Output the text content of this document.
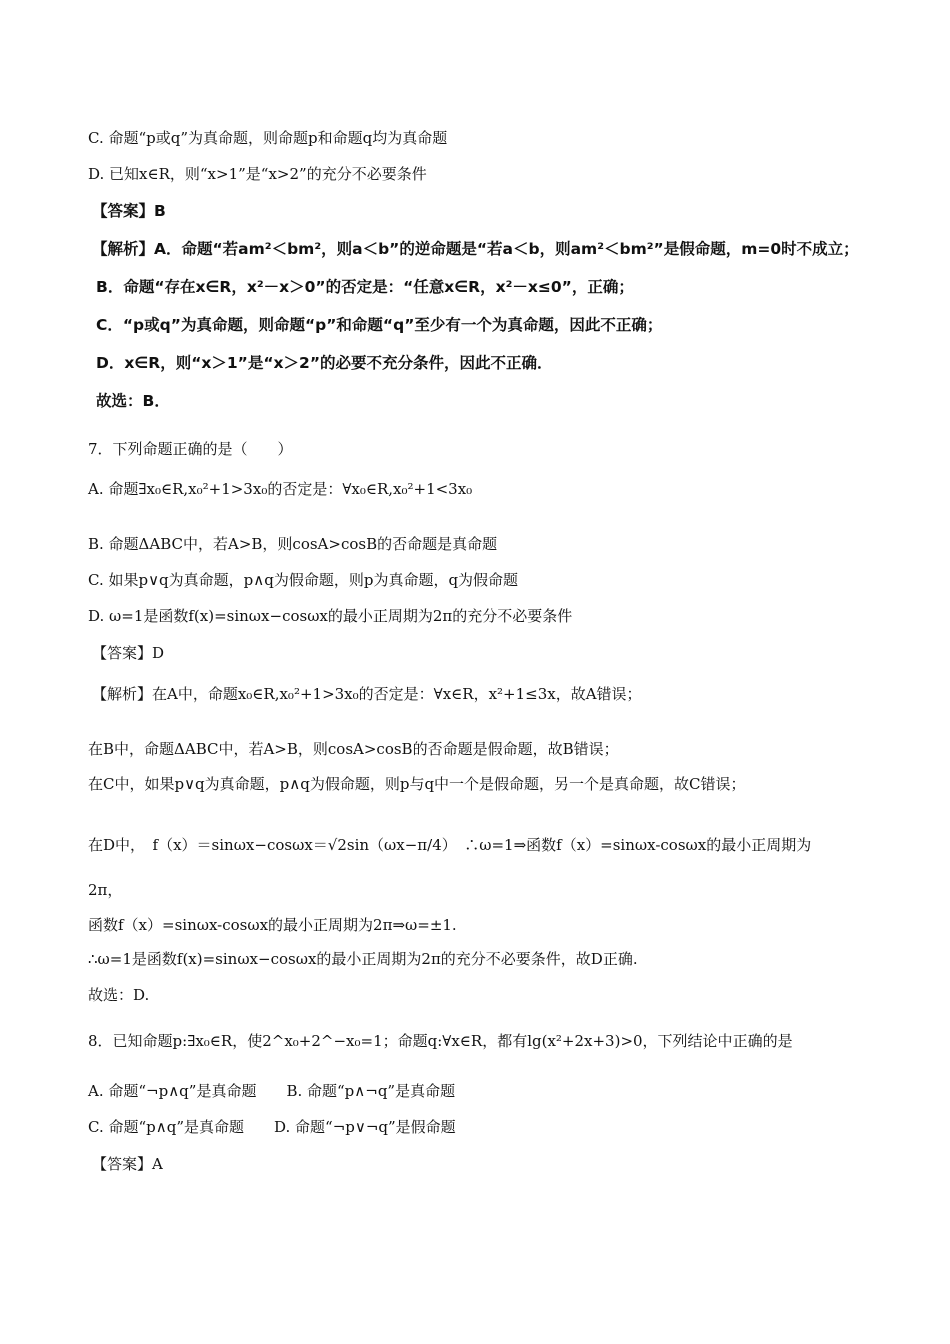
C. 命题“p或q”为真命题，则命题p和命题q均为真命题
D. 已知x∈R，则“x>1”是“x>2”的充分不必要条件
【答案】B
【解析】A．命题“若am²＜bm²，则a＜b”的逆命题是“若a＜b，则am²＜bm²”是假命题，m=0时不成立；
B．命题“存在x∈R，x²－x＞0”的否定是：“任意x∈R，x²－x≤0”，正确；
C．“p或q”为真命题，则命题“p”和命题“q”至少有一个为真命题，因此不正确；
D．x∈R，则“x＞1”是“x＞2”的必要不充分条件，因此不正确．
故选：B．
7．下列命题正确的是（　　）
A. 命题∃x₀∈R,x₀²+1>3x₀的否定是：∀x₀∈R,x₀²+1<3x₀
B. 命题ΔABC中，若A>B，则cosA>cosB的否命题是真命题
C. 如果p∨q为真命题，p∧q为假命题，则p为真命题，q为假命题
D. ω=1是函数f(x)=sinωx−cosωx的最小正周期为2π的充分不必要条件
【答案】D
【解析】在A中，命题x₀∈R,x₀²+1>3x₀的否定是：∀x∈R，x²+1≤3x，故A错误；
在B中，命题ΔABC中，若A>B，则cosA>cosB的否命题是假命题，故B错误；
在C中，如果p∨q为真命题，p∧q为假命题，则p与q中一个是假命题，另一个是真命题，故C错误；
在D中，　f（x）＝sinωx−cosωx＝√2sin（ωx−π/4）　∴ω=1⇒函数f（x）=sinωx-cosωx的最小正周期为
2π，
函数f（x）=sinωx-cosωx的最小正周期为2π⇒ω=±1.
∴ω=1是函数f(x)=sinωx−cosωx的最小正周期为2π的充分不必要条件，故D正确.
故选：D.
8．已知命题p:∃x₀∈R，使2^x₀+2^−x₀=1；命题q:∀x∈R，都有lg(x²+2x+3)>0，下列结论中正确的是
A. 命题“¬p∧q”是真命题　　B. 命题“p∧¬q”是真命题
C. 命题“p∧q”是真命题　　D. 命题“¬p∨¬q”是假命题
【答案】A
